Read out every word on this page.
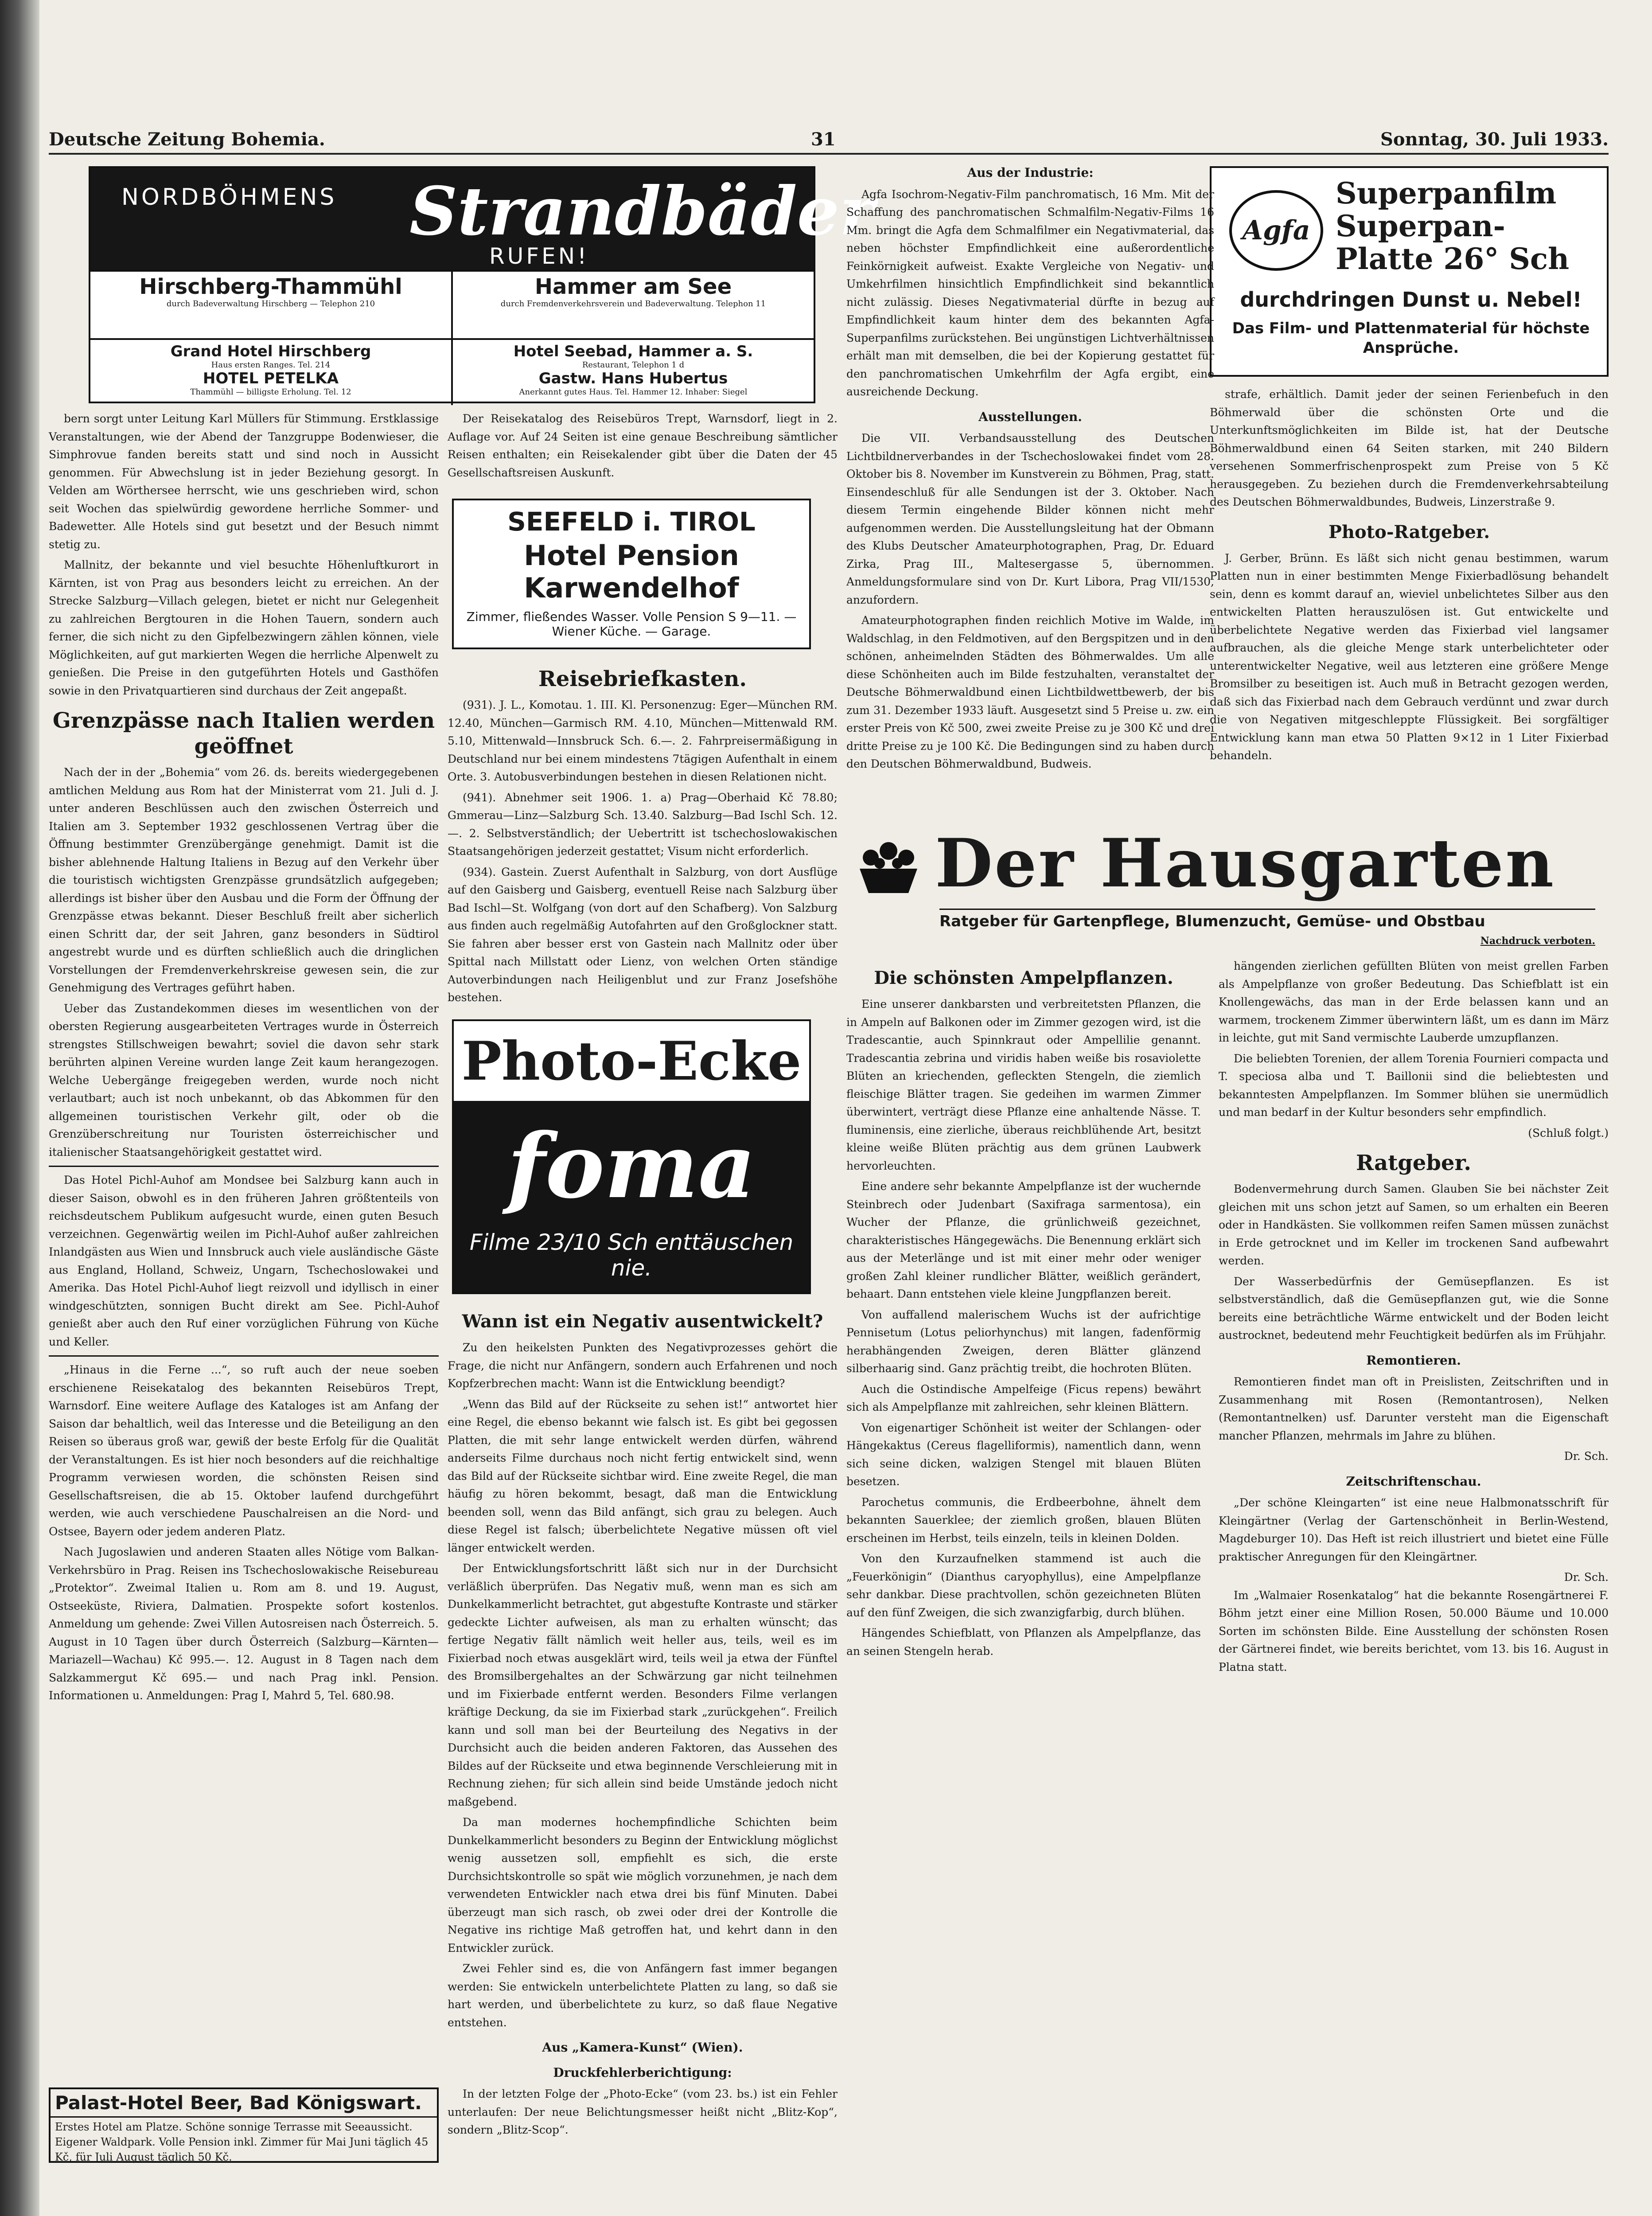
Deutsche Zeitung Bohemia.	31	Sonntag, 30. Juli 1933.
NORDBÖHMENS Strandbäder
RUFEN!
Hirschberg-Thammühl
durch Badeverwaltung Hirschberg — Telephon 210
Hammer am See
durch Fremdenverkehrsverein und Badeverwaltung. Telephon 11
Grand Hotel Hirschberg
Haus ersten Ranges. Tel. 214
HOTEL PETELKA
Thammühl — billigste Erholung. Tel. 12
Hotel Seebad, Hammer a. S.
Restaurant, Telephon 1 d
Gastw. Hans Hubertus
Anerkannt gutes Haus. Tel. Hammer 12. Inhaber: Siegel
Agfa
Superpanfilm
Superpan-
Platte 26° Sch
durchdringen Dunst u. Nebel!
Das Film- und Plattenmaterial für höchste Ansprüche.

bern sorgt unter Leitung Karl Müllers für Stimmung. Erstklassige Veranstaltungen, wie der Abend der Tanzgruppe Bodenwieser, die Simphrovue fanden bereits statt und sind noch in Aussicht genommen. Für Abwechslung ist in jeder Beziehung gesorgt. In Velden am Wörthersee herrscht, wie uns geschrieben wird, schon seit Wochen das spielwürdig gewordene herrliche Sommer- und Badewetter. Alle Hotels sind gut besetzt und der Besuch nimmt stetig zu.

Mallnitz, der bekannte und viel besuchte Höhenluftkurort in Kärnten, ist von Prag aus besonders leicht zu erreichen. An der Strecke Salzburg—Villach gelegen, bietet er nicht nur Gelegenheit zu zahlreichen Bergtouren in die Hohen Tauern, sondern auch ferner, die sich nicht zu den Gipfelbezwingern zählen können, viele Möglichkeiten, auf gut markierten Wegen die herrliche Alpenwelt zu genießen. Die Preise in den gutgeführten Hotels und Gasthöfen sowie in den Privatquartieren sind durchaus der Zeit angepaßt.

Grenzpässe nach Italien werden geöffnet

Nach der in der „Bohemia“ vom 26. ds. bereits wiedergegebenen amtlichen Meldung aus Rom hat der Ministerrat vom 21. Juli d. J. unter anderen Beschlüssen auch den zwischen Österreich und Italien am 3. September 1932 geschlossenen Vertrag über die Öffnung bestimmter Grenzübergänge genehmigt. Damit ist die bisher ablehnende Haltung Italiens in Bezug auf den Verkehr über die touristisch wichtigsten Grenzpässe grundsätzlich aufgegeben; allerdings ist bisher über den Ausbau und die Form der Öffnung der Grenzpässe etwas bekannt. Dieser Beschluß freilt aber sicherlich einen Schritt dar, der seit Jahren, ganz besonders in Südtirol angestrebt wurde und es dürften schließlich auch die dringlichen Vorstellungen der Fremdenverkehrskreise gewesen sein, die zur Genehmigung des Vertrages geführt haben.

Ueber das Zustandekommen dieses im wesentlichen von der obersten Regierung ausgearbeiteten Vertrages wurde in Österreich strengstes Stillschweigen bewahrt; soviel die davon sehr stark berührten alpinen Vereine wurden lange Zeit kaum herangezogen. Welche Uebergänge freigegeben werden, wurde noch nicht verlautbart; auch ist noch unbekannt, ob das Abkommen für den allgemeinen touristischen Verkehr gilt, oder ob die Grenzüberschreitung nur Touristen österreichischer und italienischer Staatsangehörigkeit gestattet wird.

Das Hotel Pichl-Auhof am Mondsee bei Salzburg kann auch in dieser Saison, obwohl es in den früheren Jahren größtenteils von reichsdeutschem Publikum aufgesucht wurde, einen guten Besuch verzeichnen. Gegenwärtig weilen im Pichl-Auhof außer zahlreichen Inlandgästen aus Wien und Innsbruck auch viele ausländische Gäste aus England, Holland, Schweiz, Ungarn, Tschechoslowakei und Amerika. Das Hotel Pichl-Auhof liegt reizvoll und idyllisch in einer windgeschützten, sonnigen Bucht direkt am See. Pichl-Auhof genießt aber auch den Ruf einer vorzüglichen Führung von Küche und Keller.

„Hinaus in die Ferne ...“, so ruft auch der neue soeben erschienene Reisekatalog des bekannten Reisebüros Trept, Warnsdorf. Eine weitere Auflage des Kataloges ist am Anfang der Saison dar behaltlich, weil das Interesse und die Beteiligung an den Reisen so überaus groß war, gewiß der beste Erfolg für die Qualität der Veranstaltungen. Es ist hier noch besonders auf die reichhaltige Programm verwiesen worden, die schönsten Reisen sind Gesellschaftsreisen, die ab 15. Oktober laufend durchgeführt werden, wie auch verschiedene Pauschalreisen an die Nord- und Ostsee, Bayern oder jedem anderen Platz.

Nach Jugoslawien und anderen Staaten alles Nötige vom Balkan-Verkehrsbüro in Prag. Reisen ins Tschechoslowakische Reisebureau „Protektor“. Zweimal Italien u. Rom am 8. und 19. August, Ostseeküste, Riviera, Dalmatien. Prospekte sofort kostenlos. Anmeldung um gehende: Zwei Villen Autosreisen nach Österreich. 5. August in 10 Tagen über durch Österreich (Salzburg—Kärnten—Mariazell—Wachau) Kč 995.—. 12. August in 8 Tagen nach dem Salzkammergut Kč 695.— und nach Prag inkl. Pension. Informationen u. Anmeldungen: Prag I, Mahrd 5, Tel. 680.98.

Palast-Hotel Beer, Bad Königswart.
Erstes Hotel am Platze. Schöne sonnige Terrasse mit Seeaussicht. Eigener Waldpark. Volle Pension inkl. Zimmer für Mai Juni täglich 45 Kč, für Juli August täglich 50 Kč.

Der Reisekatalog des Reisebüros Trept, Warnsdorf, liegt in 2. Auflage vor. Auf 24 Seiten ist eine genaue Beschreibung sämtlicher Reisen enthalten; ein Reisekalender gibt über die Daten der 45 Gesellschaftsreisen Auskunft.

SEEFELD i. TIROL
Hotel Pension Karwendelhof
Zimmer, fließendes Wasser. Volle Pension S 9—11. — Wiener Küche. — Garage.
Reisebriefkasten.

(931). J. L., Komotau. 1. III. Kl. Personenzug: Eger—München RM. 12.40, München—Garmisch RM. 4.10, München—Mittenwald RM. 5.10, Mittenwald—Innsbruck Sch. 6.—. 2. Fahrpreisermäßigung in Deutschland nur bei einem mindestens 7tägigen Aufenthalt in einem Orte. 3. Autobusverbindungen bestehen in diesen Relationen nicht.

(941). Abnehmer seit 1906. 1. a) Prag—Oberhaid Kč 78.80; Gmmerau—Linz—Salzburg Sch. 13.40. Salzburg—Bad Ischl Sch. 12.—. 2. Selbstverständlich; der Uebertritt ist tschechoslowakischen Staatsangehörigen jederzeit gestattet; Visum nicht erforderlich.

(934). Gastein. Zuerst Aufenthalt in Salzburg, von dort Ausflüge auf den Gaisberg und Gaisberg, eventuell Reise nach Salzburg über Bad Ischl—St. Wolfgang (von dort auf den Schafberg). Von Salzburg aus finden auch regelmäßig Autofahrten auf den Großglockner statt. Sie fahren aber besser erst von Gastein nach Mallnitz oder über Spittal nach Millstatt oder Lienz, von welchen Orten ständige Autoverbindungen nach Heiligenblut und zur Franz Josefshöhe bestehen.

Photo-Ecke
foma
Filme 23/10 Sch enttäuschen nie.
Wann ist ein Negativ ausentwickelt?

Zu den heikelsten Punkten des Negativprozesses gehört die Frage, die nicht nur Anfängern, sondern auch Erfahrenen und noch Kopfzerbrechen macht: Wann ist die Entwicklung beendigt?

„Wenn das Bild auf der Rückseite zu sehen ist!“ antwortet hier eine Regel, die ebenso bekannt wie falsch ist. Es gibt bei gegossen Platten, die mit sehr lange entwickelt werden dürfen, während anderseits Filme durchaus noch nicht fertig entwickelt sind, wenn das Bild auf der Rückseite sichtbar wird. Eine zweite Regel, die man häufig zu hören bekommt, besagt, daß man die Entwicklung beenden soll, wenn das Bild anfängt, sich grau zu belegen. Auch diese Regel ist falsch; überbelichtete Negative müssen oft viel länger entwickelt werden.

Der Entwicklungsfortschritt läßt sich nur in der Durchsicht verläßlich überprüfen. Das Negativ muß, wenn man es sich am Dunkelkammerlicht betrachtet, gut abgestufte Kontraste und stärker gedeckte Lichter aufweisen, als man zu erhalten wünscht; das fertige Negativ fällt nämlich weit heller aus, teils, weil es im Fixierbad noch etwas ausgeklärt wird, teils weil ja etwa der Fünftel des Bromsilbergehaltes an der Schwärzung gar nicht teilnehmen und im Fixierbade entfernt werden. Besonders Filme verlangen kräftige Deckung, da sie im Fixierbad stark „zurückgehen“. Freilich kann und soll man bei der Beurteilung des Negativs in der Durchsicht auch die beiden anderen Faktoren, das Aussehen des Bildes auf der Rückseite und etwa beginnende Verschleierung mit in Rechnung ziehen; für sich allein sind beide Umstände jedoch nicht maßgebend.

Da man modernes hochempfindliche Schichten beim Dunkelkammerlicht besonders zu Beginn der Entwicklung möglichst wenig aussetzen soll, empfiehlt es sich, die erste Durchsichtskontrolle so spät wie möglich vorzunehmen, je nach dem verwendeten Entwickler nach etwa drei bis fünf Minuten. Dabei überzeugt man sich rasch, ob zwei oder drei der Kontrolle die Negative ins richtige Maß getroffen hat, und kehrt dann in den Entwickler zurück.

Zwei Fehler sind es, die von Anfängern fast immer begangen werden: Sie entwickeln unterbelichtete Platten zu lang, so daß sie hart werden, und überbelichtete zu kurz, so daß flaue Negative entstehen.

Aus „Kamera-Kunst“ (Wien).
Druckfehlerberichtigung:

In der letzten Folge der „Photo-Ecke“ (vom 23. bs.) ist ein Fehler unterlaufen: Der neue Belichtungsmesser heißt nicht „Blitz-Kop“, sondern „Blitz-Scop“.

Aus der Industrie:

Agfa Isochrom-Negativ-Film panchromatisch, 16 Mm. Mit der Schaffung des panchromatischen Schmalfilm-Negativ-Films 16 Mm. bringt die Agfa dem Schmalfilmer ein Negativmaterial, das neben höchster Empfindlichkeit eine außerordentliche Feinkörnigkeit aufweist. Exakte Vergleiche von Negativ- und Umkehrfilmen hinsichtlich Empfindlichkeit sind bekanntlich nicht zulässig. Dieses Negativmaterial dürfte in bezug auf Empfindlichkeit kaum hinter dem des bekannten Agfa-Superpanfilms zurückstehen. Bei ungünstigen Lichtverhältnissen erhält man mit demselben, die bei der Kopierung gestattet für den panchromatischen Umkehrfilm der Agfa ergibt, eine ausreichende Deckung.

Ausstellungen.

Die VII. Verbandsausstellung des Deutschen Lichtbildnerverbandes in der Tschechoslowakei findet vom 28. Oktober bis 8. November im Kunstverein zu Böhmen, Prag, statt. Einsendeschluß für alle Sendungen ist der 3. Oktober. Nach diesem Termin eingehende Bilder können nicht mehr aufgenommen werden. Die Ausstellungsleitung hat der Obmann des Klubs Deutscher Amateurphotographen, Prag, Dr. Eduard Zirka, Prag III., Maltesergasse 5, übernommen. Anmeldungsformulare sind von Dr. Kurt Libora, Prag VII/1530, anzufordern.

Amateurphotographen finden reichlich Motive im Walde, im Waldschlag, in den Feldmotiven, auf den Bergspitzen und in den schönen, anheimelnden Städten des Böhmerwaldes. Um alle diese Schönheiten auch im Bilde festzuhalten, veranstaltet der Deutsche Böhmerwaldbund einen Lichtbildwettbewerb, der bis zum 31. Dezember 1933 läuft. Ausgesetzt sind 5 Preise u. zw. ein erster Preis von Kč 500, zwei zweite Preise zu je 300 Kč und drei dritte Preise zu je 100 Kč. Die Bedingungen sind zu haben durch den Deutschen Böhmerwaldbund, Budweis.

strafe, erhältlich. Damit jeder der seinen Ferienbefuch in den Böhmerwald über die schönsten Orte und die Unterkunftsmöglichkeiten im Bilde ist, hat der Deutsche Böhmerwaldbund einen 64 Seiten starken, mit 240 Bildern versehenen Sommerfrischenprospekt zum Preise von 5 Kč herausgegeben. Zu beziehen durch die Fremdenverkehrsabteilung des Deutschen Böhmerwaldbundes, Budweis, Linzerstraße 9.

Photo-Ratgeber.

J. Gerber, Brünn. Es läßt sich nicht genau bestimmen, warum Platten nun in einer bestimmten Menge Fixierbadlösung behandelt sein, denn es kommt darauf an, wieviel unbelichtetes Silber aus den entwickelten Platten herauszulösen ist. Gut entwickelte und überbelichtete Negative werden das Fixierbad viel langsamer aufbrauchen, als die gleiche Menge stark unterbelichteter oder unterentwickelter Negative, weil aus letzteren eine größere Menge Bromsilber zu beseitigen ist. Auch muß in Betracht gezogen werden, daß sich das Fixierbad nach dem Gebrauch verdünnt und zwar durch die von Negativen mitgeschleppte Flüssigkeit. Bei sorgfältiger Entwicklung kann man etwa 50 Platten 9×12 in 1 Liter Fixierbad behandeln.

Der Hausgarten
Ratgeber für Gartenpflege, Blumenzucht, Gemüse- und Obstbau
Nachdruck verboten.
Die schönsten Ampelpflanzen.

Eine unserer dankbarsten und verbreitetsten Pflanzen, die in Ampeln auf Balkonen oder im Zimmer gezogen wird, ist die Tradescantie, auch Spinnkraut oder Ampellilie genannt. Tradescantia zebrina und viridis haben weiße bis rosaviolette Blüten an kriechenden, gefleckten Stengeln, die ziemlich fleischige Blätter tragen. Sie gedeihen im warmen Zimmer überwintert, verträgt diese Pflanze eine anhaltende Nässe. T. fluminensis, eine zierliche, überaus reichblühende Art, besitzt kleine weiße Blüten prächtig aus dem grünen Laubwerk hervorleuchten.

Eine andere sehr bekannte Ampelpflanze ist der wuchernde Steinbrech oder Judenbart (Saxifraga sarmentosa), ein Wucher der Pflanze, die grünlichweiß gezeichnet, charakteristisches Hängegewächs. Die Benennung erklärt sich aus der Meterlänge und ist mit einer mehr oder weniger großen Zahl kleiner rundlicher Blätter, weißlich gerändert, behaart. Dann entstehen viele kleine Jungpflanzen bereit.

Von auffallend malerischem Wuchs ist der aufrichtige Pennisetum (Lotus peliorhynchus) mit langen, fadenförmig herabhängenden Zweigen, deren Blätter glänzend silberhaarig sind. Ganz prächtig treibt, die hochroten Blüten.

Auch die Ostindische Ampelfeige (Ficus repens) bewährt sich als Ampelpflanze mit zahlreichen, sehr kleinen Blättern.

Von eigenartiger Schönheit ist weiter der Schlangen- oder Hängekaktus (Cereus flagelliformis), namentlich dann, wenn sich seine dicken, walzigen Stengel mit blauen Blüten besetzen.

Parochetus communis, die Erdbeerbohne, ähnelt dem bekannten Sauerklee; der ziemlich großen, blauen Blüten erscheinen im Herbst, teils einzeln, teils in kleinen Dolden.

Von den Kurzaufnelken stammend ist auch die „Feuerkönigin“ (Dianthus caryophyllus), eine Ampelpflanze sehr dankbar. Diese prachtvollen, schön gezeichneten Blüten auf den fünf Zweigen, die sich zwanzigfarbig, durch blühen.

Hängendes Schiefblatt, von Pflanzen als Ampelpflanze, das an seinen Stengeln herab.

hängenden zierlichen gefüllten Blüten von meist grellen Farben als Ampelpflanze von großer Bedeutung. Das Schiefblatt ist ein Knollengewächs, das man in der Erde belassen kann und an warmem, trockenem Zimmer überwintern läßt, um es dann im März in leichte, gut mit Sand vermischte Lauberde umzupflanzen.

Die beliebten Torenien, der allem Torenia Fournieri compacta und T. speciosa alba und T. Baillonii sind die beliebtesten und bekanntesten Ampelpflanzen. Im Sommer blühen sie unermüdlich und man bedarf in der Kultur besonders sehr empfindlich.

(Schluß folgt.)
Ratgeber.

Bodenvermehrung durch Samen. Glauben Sie bei nächster Zeit gleichen mit uns schon jetzt auf Samen, so um erhalten ein Beeren oder in Handkästen. Sie vollkommen reifen Samen müssen zunächst in Erde getrocknet und im Keller im trockenen Sand aufbewahrt werden.

Der Wasserbedürfnis der Gemüsepflanzen. Es ist selbstverständlich, daß die Gemüsepflanzen gut, wie die Sonne bereits eine beträchtliche Wärme entwickelt und der Boden leicht austrocknet, bedeutend mehr Feuchtigkeit bedürfen als im Frühjahr.

Remontieren.

Remontieren findet man oft in Preislisten, Zeitschriften und in Zusammenhang mit Rosen (Remontantrosen), Nelken (Remontantnelken) usf. Darunter versteht man die Eigenschaft mancher Pflanzen, mehrmals im Jahre zu blühen.

Dr. Sch.
Zeitschriftenschau.

„Der schöne Kleingarten“ ist eine neue Halbmonatsschrift für Kleingärtner (Verlag der Gartenschönheit in Berlin-Westend, Magdeburger 10). Das Heft ist reich illustriert und bietet eine Fülle praktischer Anregungen für den Kleingärtner.

Dr. Sch.

Im „Walmaier Rosenkatalog“ hat die bekannte Rosengärtnerei F. Böhm jetzt einer eine Million Rosen, 50.000 Bäume und 10.000 Sorten im schönsten Bilde. Eine Ausstellung der schönsten Rosen der Gärtnerei findet, wie bereits berichtet, vom 13. bis 16. August in Platna statt.
